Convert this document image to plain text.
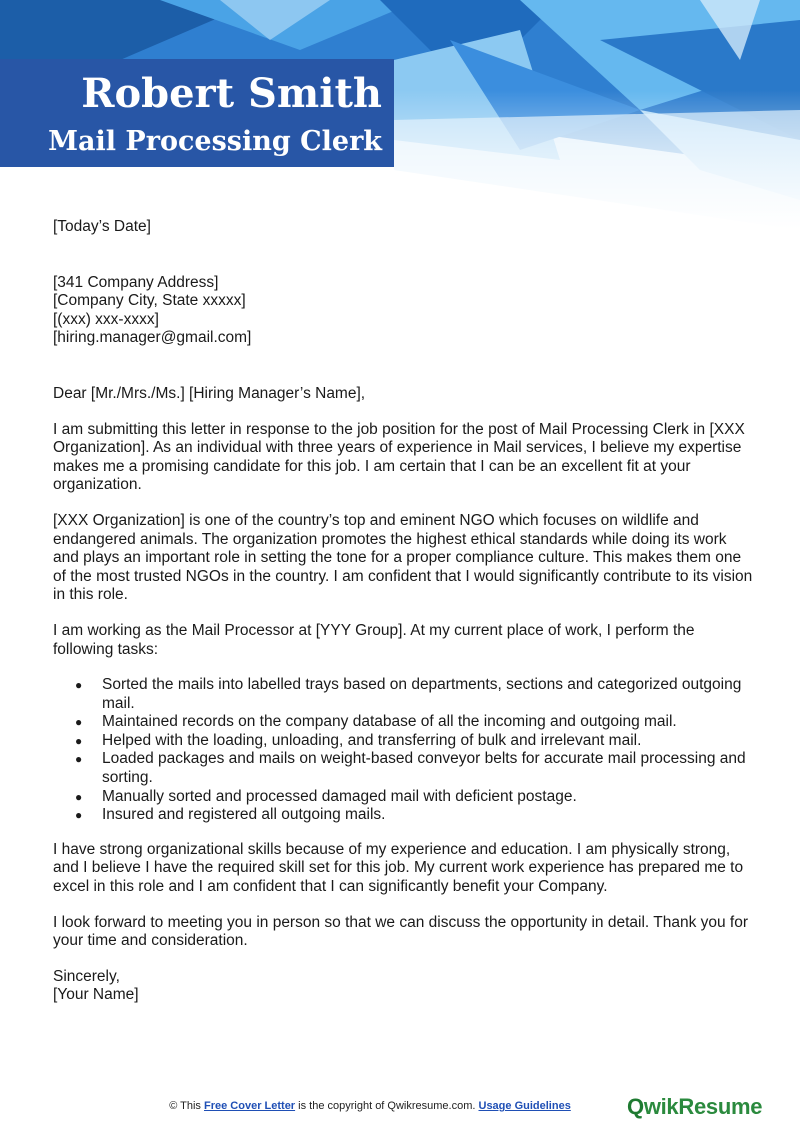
Robert Smith
Mail Processing Clerk

[Today’s Date]

[341 Company Address]

[Company City, State xxxxx]

[(xxx) xxx-xxxx]

[hiring.manager@gmail.com]

Dear [Mr./Mrs./Ms.] [Hiring Manager’s Name],

I am submitting this letter in response to the job position for the post of Mail Processing Clerk in [XXX Organization]. As an individual with three years of experience in Mail services, I believe my expertise makes me a promising candidate for this job. I am certain that I can be an excellent fit at your organization.

[XXX Organization] is one of the country’s top and eminent NGO which focuses on wildlife and endangered animals. The organization promotes the highest ethical standards while doing its work and plays an important role in setting the tone for a proper compliance culture. This makes them one of the most trusted NGOs in the country. I am confident that I would significantly contribute to its vision in this role.

I am working as the Mail Processor at [YYY Group]. At my current place of work, I perform the following tasks:

● Sorted the mails into labelled trays based on departments, sections and categorized outgoing mail.
● Maintained records on the company database of all the incoming and outgoing mail.
● Helped with the loading, unloading, and transferring of bulk and irrelevant mail.
● Loaded packages and mails on weight-based conveyor belts for accurate mail processing and sorting.
● Manually sorted and processed damaged mail with deficient postage.
● Insured and registered all outgoing mails.

I have strong organizational skills because of my experience and education. I am physically strong, and I believe I have the required skill set for this job. My current work experience has prepared me to excel in this role and I am confident that I can significantly benefit your Company.

I look forward to meeting you in person so that we can discuss the opportunity in detail. Thank you for your time and consideration.

Sincerely,

[Your Name]

© This Free Cover Letter is the copyright of Qwikresume.com. Usage Guidelines	QwikResume
